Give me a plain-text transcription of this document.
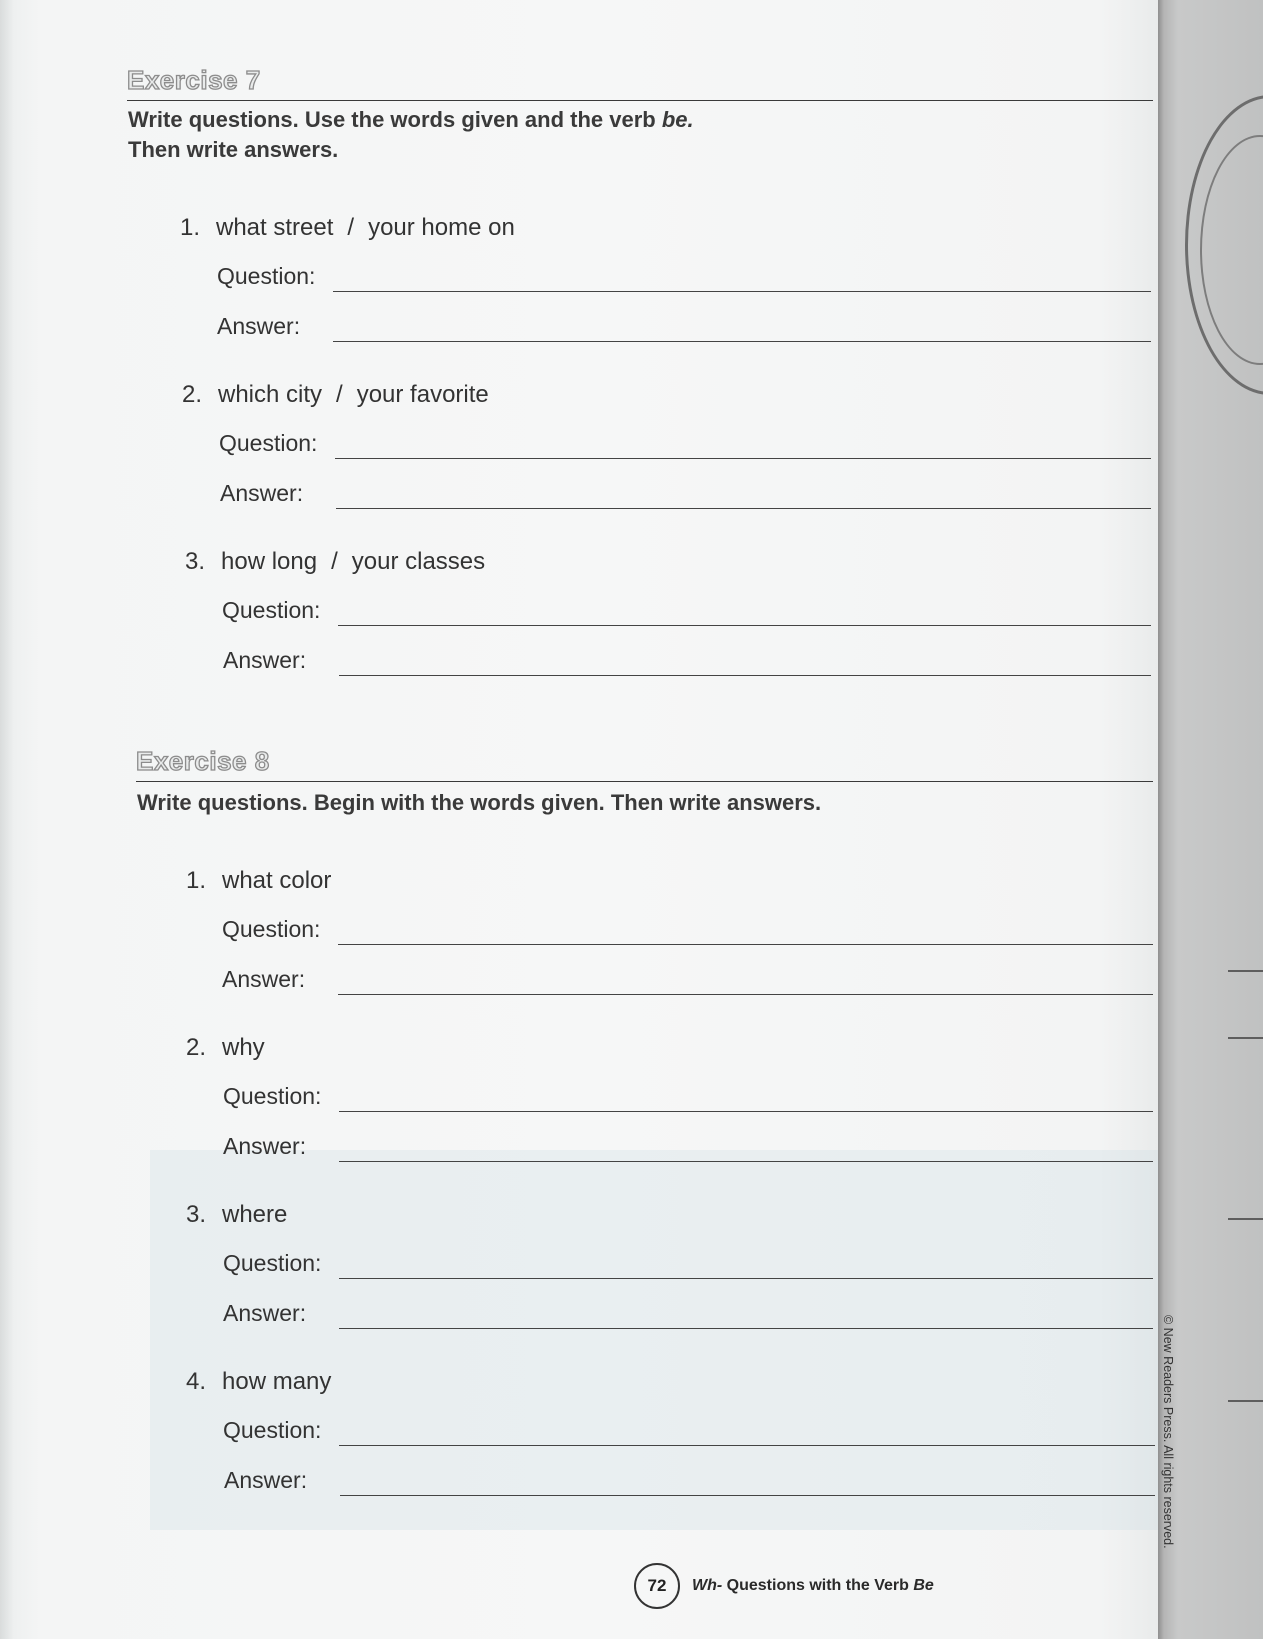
Exercise 7
Write questions. Use the words given and the verb be.
Then write answers.
1. what street / your home on
Question:
Answer:
2. which city / your favorite
Question:
Answer:
3. how long / your classes
Question:
Answer:
Exercise 8
Write questions. Begin with the words given. Then write answers.
1. what color
Question:
Answer:
2. why
Question:
Answer:
3. where
Question:
Answer:
4. how many
Question:
Answer:
72	Wh- Questions with the Verb Be
© New Readers Press. All rights reserved.
